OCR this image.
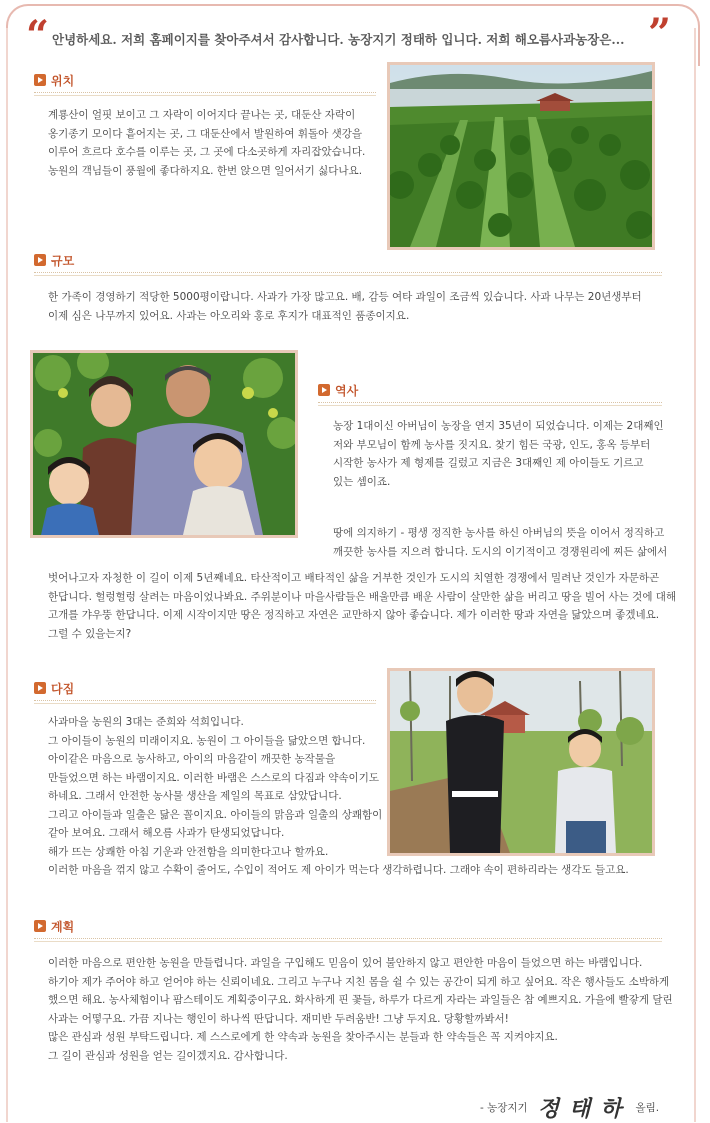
“ 안녕하세요. 저희 홈페이지를 찾아주셔서 감사합니다. 농장지기 정태하 입니다. 저희 해오름사과농장은... ”
위치
계룡산이 얼핏 보이고 그 자락이 이어지다 끝나는 곳, 대둔산 자락이
옹기종기 모이다 흩어지는 곳, 그 대둔산에서 발원하여 휘돌아 샛강을
이루어 흐르다 호수를 이루는 곳, 그 곳에 다소곳하게 자리잡았습니다.
농원의 객님들이 풍월에 좋다하지요. 한번 앉으면 일어서기 싫다나요.
규모
한 가족이 경영하기 적당한 5000평이랍니다. 사과가 가장 많고요. 배, 감등 여타 과일이 조금씩 있습니다. 사과 나무는 20년생부터
이제 심은 나무까지 있어요. 사과는 아오리와 홍로 후지가 대표적인 품종이지요.
역사
농장 1대이신 아버님이 농장을 연지 35년이 되었습니다. 이제는 2대째인
저와 부모님이 함께 농사를 짓지요. 찾기 힘든 국광, 인도, 홍옥 등부터
시작한 농사가 제 형제를 길렀고 지금은 3대째인 제 아이들도 기르고
있는 셈이죠.
땅에 의지하기 - 평생 정직한 농사를 하신 아버님의 뜻을 이어서 정직하고
깨끗한 농사를 지으려 합니다. 도시의 이기적이고 경쟁원리에 찌든 삶에서
벗어나고자 자청한 이 길이 이제 5년째네요. 타산적이고 배타적인 삶을 거부한 것인가 도시의 치열한 경쟁에서 밀려난 것인가 자문하곤
한답니다. 헐렁헐렁 살려는 마음이었나봐요. 주위분이나 마을사람들은 배울만큼 배운 사람이 살만한 삶을 버리고 땅을 빌어 사는 것에 대해
고개를 갸우뚱 한답니다. 이제 시작이지만 땅은 정직하고 자연은 교만하지 않아 좋습니다. 제가 이러한 땅과 자연을 닮았으며 좋겠네요.
그럴 수 있을는지?
다짐
사과마을 농원의 3대는 준희와 석희입니다.
그 아이들이 농원의 미래이지요. 농원이 그 아이들을 닮았으면 합니다.
아이같은 마음으로 농사하고, 아이의 마음같이 깨끗한 농작물을
만들었으면 하는 바램이지요. 이러한 바램은 스스로의 다짐과 약속이기도
하네요. 그래서 안전한 농사물 생산을 제일의 목표로 삼았답니다.
그리고 아이들과 일출은 닮은 꼴이지요. 아이들의 맑음과 일출의 상쾌함이
같아 보여요. 그래서 해오름 사과가 탄생되었답니다.
해가 뜨는 상쾌한 아침 기운과 안전함을 의미한다고나 할까요.
이러한 마음을 꺾지 않고 수확이 줄어도, 수입이 적어도 제 아이가 먹는다 생각하렵니다. 그래야 속이 편하리라는 생각도 들고요.
계획
이러한 마음으로 편안한 농원을 만들렵니다. 과일을 구입해도 믿음이 있어 불안하지 않고 편안한 마음이 들었으면 하는 바램입니다.
하기아 제가 주어야 하고 얻어야 하는 신뢰이네요. 그리고 누구나 지친 몸을 쉴 수 있는 공간이 되게 하고 싶어요. 작은 행사들도 소박하게
했으면 해요. 농사체험이나 팜스테이도 계획중이구요. 화사하게 핀 꽃들, 하루가 다르게 자라는 과일들은 참 예쁘지요. 가을에 빨갛게 달린
사과는 어떻구요. 가끔 지나는 행인이 하나씩 딴답니다. 재미반 두려움반! 그냥 두지요. 당황할까봐서!
많은 관심과 성원 부탁드립니다. 제 스스로에게 한 약속과 농원을 찾아주시는 분들과 한 약속들은 꼭 지켜야지요.
그 길이 관심과 성원을 얻는 길이겠지요. 감사합니다.
- 농장지기 정태하 올림.
